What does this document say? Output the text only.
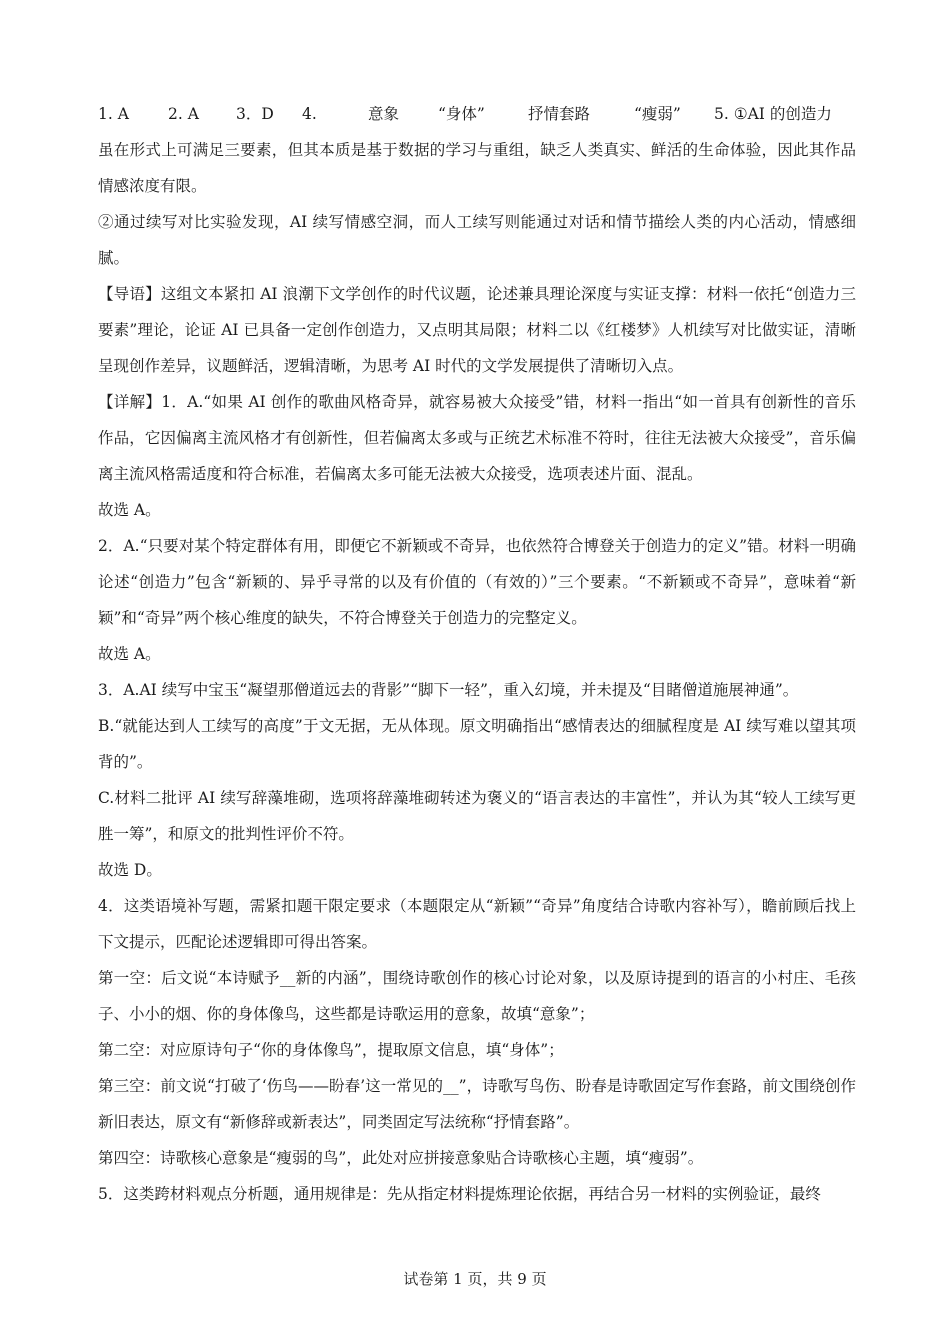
1. A	2. A	3．D	4.	意象	“身体”	抒情套路	“瘦弱”	5. ①AI 的创造力

虽在形式上可满足三要素，但其本质是基于数据的学习与重组，缺乏人类真实、鲜活的生命体验，因此其作品情感浓度有限。

②通过续写对比实验发现，AI 续写情感空洞，而人工续写则能通过对话和情节描绘人类的内心活动，情感细腻。

【导语】这组文本紧扣 AI 浪潮下文学创作的时代议题，论述兼具理论深度与实证支撑：材料一依托“创造力三要素”理论，论证 AI 已具备一定创作创造力，又点明其局限；材料二以《红楼梦》人机续写对比做实证，清晰呈现创作差异，议题鲜活，逻辑清晰，为思考 AI 时代的文学发展提供了清晰切入点。

【详解】1．A.“如果 AI 创作的歌曲风格奇异，就容易被大众接受”错，材料一指出“如一首具有创新性的音乐作品，它因偏离主流风格才有创新性，但若偏离太多或与正统艺术标准不符时，往往无法被大众接受”，音乐偏离主流风格需适度和符合标准，若偏离太多可能无法被大众接受，选项表述片面、混乱。

故选 A。

2．A.“只要对某个特定群体有用，即便它不新颖或不奇异，也依然符合博登关于创造力的定义”错。材料一明确论述“创造力”包含“新颖的、异乎寻常的以及有价值的（有效的）”三个要素。“不新颖或不奇异”，意味着“新颖”和“奇异”两个核心维度的缺失，不符合博登关于创造力的完整定义。

故选 A。

3．A.AI 续写中宝玉“凝望那僧道远去的背影”“脚下一轻”，重入幻境，并未提及“目睹僧道施展神通”。

B.“就能达到人工续写的高度”于文无据，无从体现。原文明确指出“感情表达的细腻程度是 AI 续写难以望其项背的”。

C.材料二批评 AI 续写辞藻堆砌，选项将辞藻堆砌转述为褒义的“语言表达的丰富性”，并认为其“较人工续写更胜一筹”，和原文的批判性评价不符。

故选 D。

4．这类语境补写题，需紧扣题干限定要求（本题限定从“新颖”“奇异”角度结合诗歌内容补写），瞻前顾后找上下文提示，匹配论述逻辑即可得出答案。

第一空：后文说“本诗赋予__新的内涵”，围绕诗歌创作的核心讨论对象，以及原诗提到的语言的小村庄、毛孩子、小小的烟、你的身体像鸟，这些都是诗歌运用的意象，故填“意象”；

第二空：对应原诗句子“你的身体像鸟”，提取原文信息，填“身体”；

第三空：前文说“打破了‘伤鸟——盼春’这一常见的__”，诗歌写鸟伤、盼春是诗歌固定写作套路，前文围绕创作新旧表达，原文有“新修辞或新表达”，同类固定写法统称“抒情套路”。

第四空：诗歌核心意象是“瘦弱的鸟”，此处对应拼接意象贴合诗歌核心主题，填“瘦弱”。

5．这类跨材料观点分析题，通用规律是：先从指定材料提炼理论依据，再结合另一材料的实例验证，最终

试卷第 1 页，共 9 页
